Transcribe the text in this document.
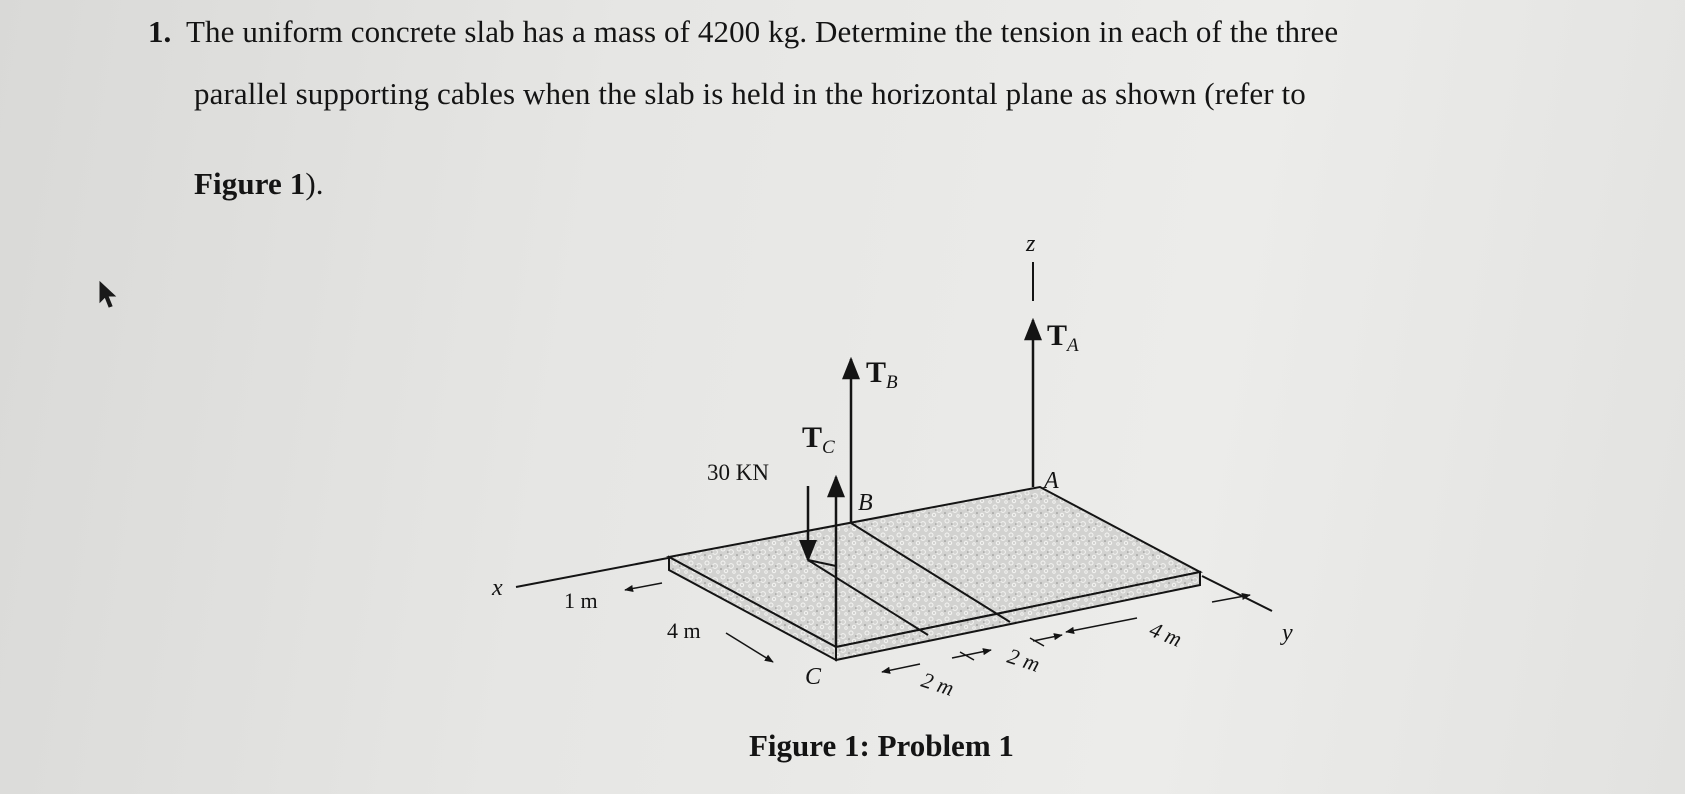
1. The uniform concrete slab has a mass of 4200 kg. Determine the tension in each of the three
parallel supporting cables when the slab is held in the horizontal plane as shown (refer to
Figure 1).
z
x
y
$T_A$
$T_B$
$T_C$
30 KN	A
B
C
1 m
4 m
2 m
2 m
4 m
Figure 1: Problem 1
